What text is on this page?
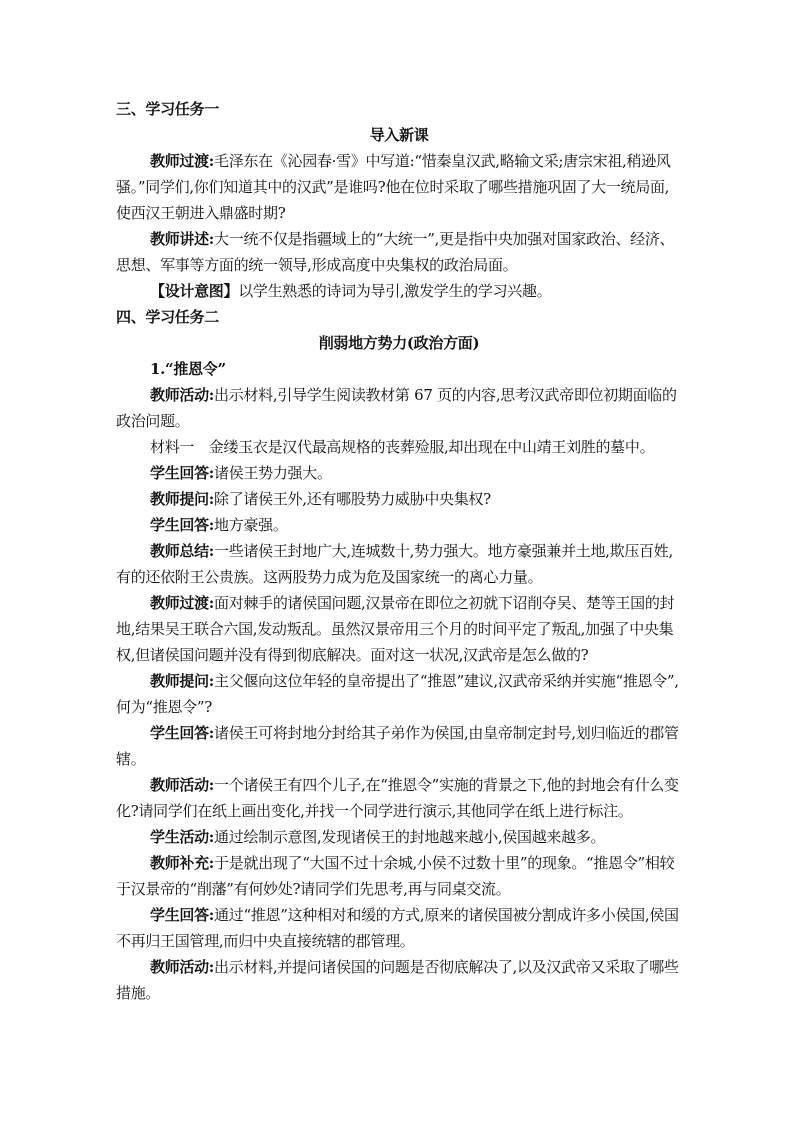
三、学习任务一

导入新课

教师过渡:毛泽东在《沁园春·雪》中写道:“惜秦皇汉武,略输文采;唐宗宋祖,稍逊风骚。”同学们,你们知道其中的汉武”是谁吗?他在位时采取了哪些措施巩固了大一统局面,使西汉王朝进入鼎盛时期?

教师讲述:大一统不仅是指疆域上的“大统一”,更是指中央加强对国家政治、经济、思想、军事等方面的统一领导,形成高度中央集权的政治局面。

【设计意图】以学生熟悉的诗词为导引,激发学生的学习兴趣。

四、学习任务二

削弱地方势力(政治方面)

1.“推恩令”

教师活动:出示材料,引导学生阅读教材第 67 页的内容,思考汉武帝即位初期面临的政治问题。

材料一　金缕玉衣是汉代最高规格的丧葬殓服,却出现在中山靖王刘胜的墓中。

学生回答:诸侯王势力强大。

教师提问:除了诸侯王外,还有哪股势力威胁中央集权?

学生回答:地方豪强。

教师总结:一些诸侯王封地广大,连城数十,势力强大。地方豪强兼并土地,欺压百姓,有的还依附王公贵族。这两股势力成为危及国家统一的离心力量。

教师过渡:面对棘手的诸侯国问题,汉景帝在即位之初就下诏削夺吴、楚等王国的封地,结果吴王联合六国,发动叛乱。虽然汉景帝用三个月的时间平定了叛乱,加强了中央集权,但诸侯国问题并没有得到彻底解决。面对这一状况,汉武帝是怎么做的?

教师提问:主父偃向这位年轻的皇帝提出了“推恩”建议,汉武帝采纳并实施“推恩令”,何为“推恩令”?

学生回答:诸侯王可将封地分封给其子弟作为侯国,由皇帝制定封号,划归临近的郡管辖。

教师活动:一个诸侯王有四个儿子,在“推恩令”实施的背景之下,他的封地会有什么变化?请同学们在纸上画出变化,并找一个同学进行演示,其他同学在纸上进行标注。

学生活动:通过绘制示意图,发现诸侯王的封地越来越小,侯国越来越多。

教师补充:于是就出现了“大国不过十余城,小侯不过数十里”的现象。“推恩令”相较于汉景帝的“削藩”有何妙处?请同学们先思考,再与同桌交流。

学生回答:通过“推恩”这种相对和缓的方式,原来的诸侯国被分割成许多小侯国,侯国不再归王国管理,而归中央直接统辖的郡管理。

教师活动:出示材料,并提问诸侯国的问题是否彻底解决了,以及汉武帝又采取了哪些措施。
